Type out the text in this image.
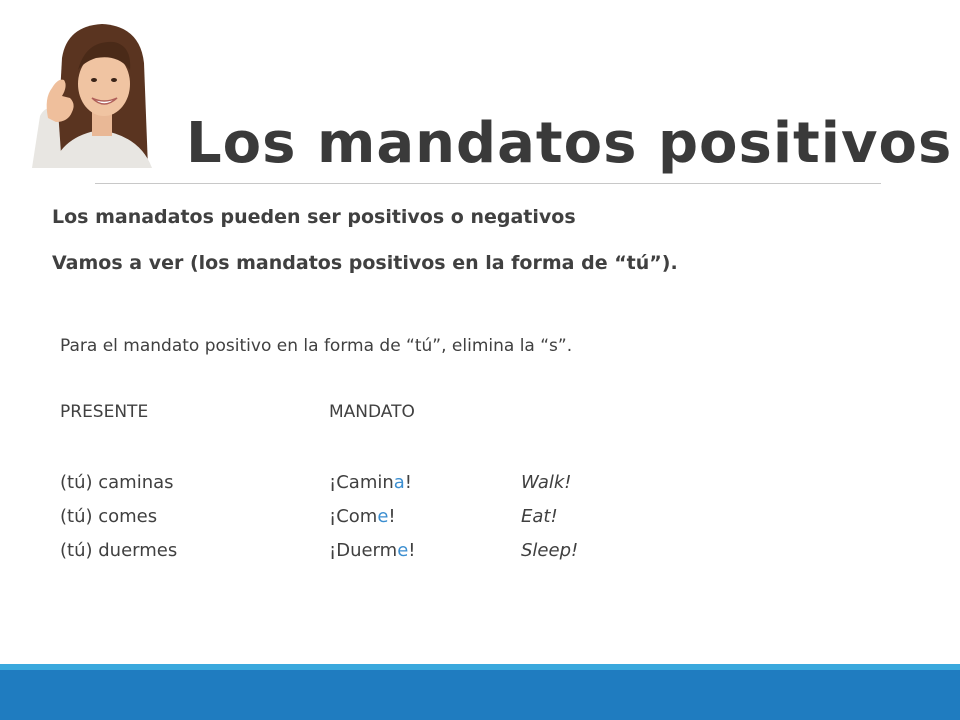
Los mandatos positivos
Los manadatos pueden ser positivos o negativos
Vamos a ver (los mandatos positivos en la forma de “tú”).
Para el mandato positivo en la forma de “tú”, elimina la “s”.
PRESENTE	MANDATO
(tú) caminas	¡Camina!	Walk!
(tú) comes	¡Come!	Eat!
(tú) duermes	¡Duerme!	Sleep!
